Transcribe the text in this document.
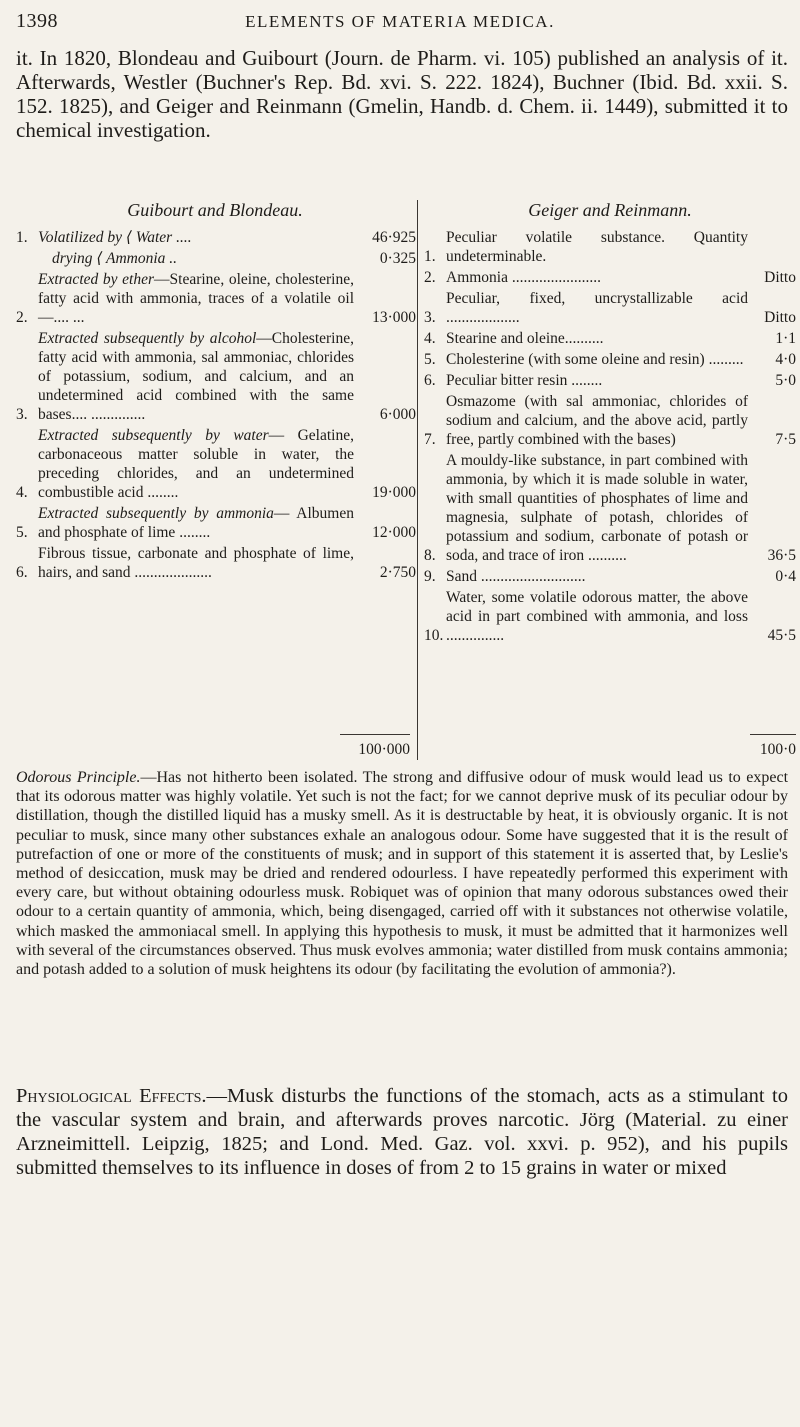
1398	ELEMENTS OF MATERIA MEDICA.
it. In 1820, Blondeau and Guibourt (Journ. de Pharm. vi. 105) published an analysis of it. Afterwards, Westler (Buchner's Rep. Bd. xvi. S. 222. 1824), Buchner (Ibid. Bd. xxii. S. 152. 1825), and Geiger and Reinmann (Gmelin, Handb. d. Chem. ii. 1449), submitted it to chemical investigation.
Guibourt and Blondeau.	Geiger and Reinmann.
1. Volatilized by ⟨ Water ....	46·925
drying ⟨ Ammonia ..	0·325
2.
Extracted by ether—Stearine, oleine, cholesterine, fatty acid with ammonia, traces of a volatile oil —.... ...	13·000
3.
Extracted subsequently by alcohol—Cholesterine, fatty acid with ammonia, sal ammoniac, chlorides of potassium, sodium, and calcium, and an undetermined acid combined with the same bases.... ..............	6·000
4.
Extracted subsequently by water— Gelatine, carbonaceous matter soluble in water, the preceding chlorides, and an undetermined combustible acid ........	19·000
5.
Extracted subsequently by ammonia— Albumen and phosphate of lime ........	12·000
6.
Fibrous tissue, carbonate and phosphate of lime, hairs, and sand ....................	2·750
1.
Peculiar volatile substance. Quantity undeterminable.
2. Ammonia .......................	Ditto
3.
Peculiar, fixed, uncrystallizable acid ...................	Ditto
4. Stearine and oleine..........	1·1
5. Cholesterine (with some oleine and resin) .........	4·0
6. Peculiar bitter resin ........	5·0
7.
Osmazome (with sal ammoniac, chlorides of sodium and calcium, and the above acid, partly free, partly combined with the bases)	7·5
8.
A mouldy-like substance, in part combined with ammonia, by which it is made soluble in water, with small quantities of phosphates of lime and magnesia, sulphate of potash, chlorides of potassium and sodium, carbonate of potash or soda, and trace of iron ..........	36·5
9. Sand ...........................	0·4
10.
Water, some volatile odorous matter, the above acid in part combined with ammonia, and loss ...............	45·5
100·000	100·0
Odorous Principle.—Has not hitherto been isolated. The strong and diffusive odour of musk would lead us to expect that its odorous matter was highly volatile. Yet such is not the fact; for we cannot deprive musk of its peculiar odour by distillation, though the distilled liquid has a musky smell. As it is destructable by heat, it is obviously organic. It is not peculiar to musk, since many other substances exhale an analogous odour. Some have suggested that it is the result of putrefaction of one or more of the constituents of musk; and in support of this statement it is asserted that, by Leslie's method of desiccation, musk may be dried and rendered odourless. I have repeatedly performed this experiment with every care, but without obtaining odourless musk. Robiquet was of opinion that many odorous substances owed their odour to a certain quantity of ammonia, which, being disengaged, carried off with it substances not otherwise volatile, which masked the ammoniacal smell. In applying this hypothesis to musk, it must be admitted that it harmonizes well with several of the circumstances observed. Thus musk evolves ammonia; water distilled from musk contains ammonia; and potash added to a solution of musk heightens its odour (by facilitating the evolution of ammonia?).
Physiological Effects.—Musk disturbs the functions of the stomach, acts as a stimulant to the vascular system and brain, and afterwards proves narcotic. Jörg (Material. zu einer Arzneimittell. Leipzig, 1825; and Lond. Med. Gaz. vol. xxvi. p. 952), and his pupils submitted themselves to its influence in doses of from 2 to 15 grains in water or mixed
